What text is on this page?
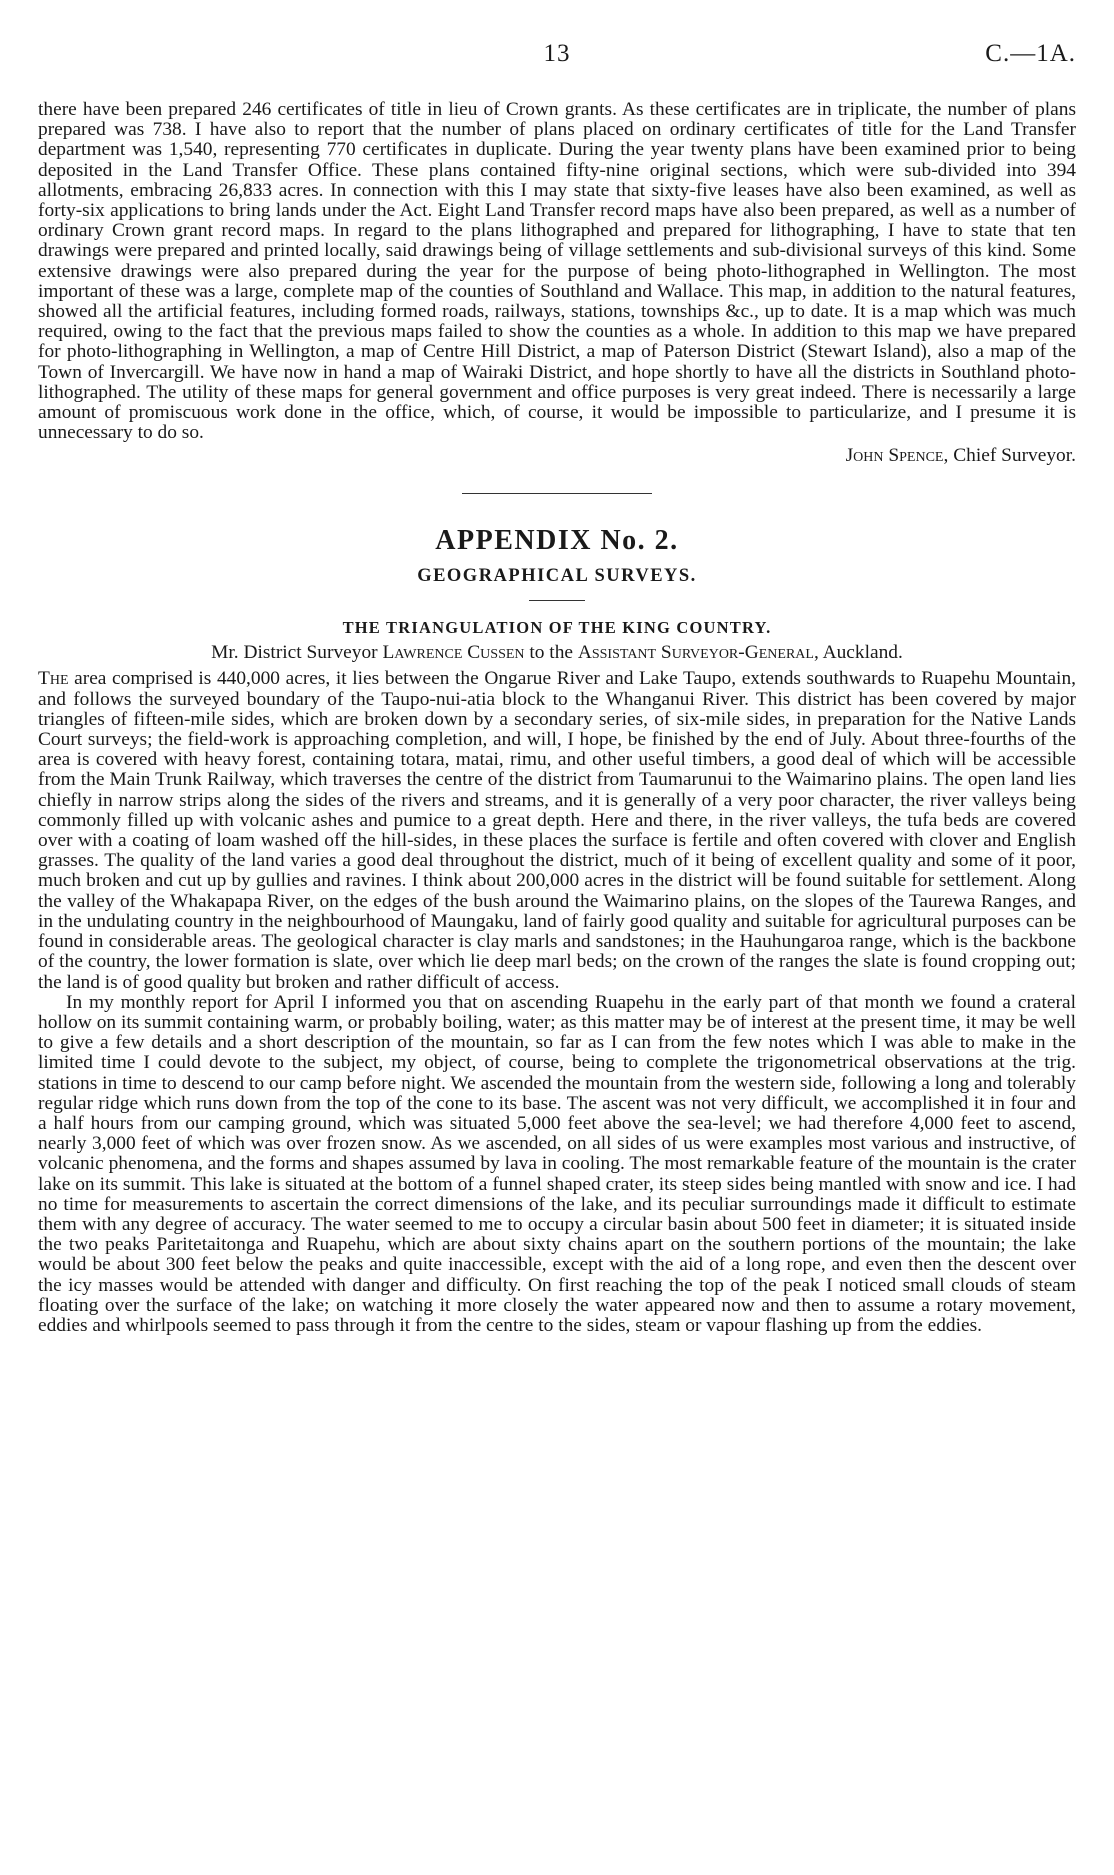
13	C.—1A.

there have been prepared 246 certificates of title in lieu of Crown grants. As these certificates are in triplicate, the number of plans prepared was 738. I have also to report that the number of plans placed on ordinary certificates of title for the Land Transfer department was 1,540, representing 770 certificates in duplicate. During the year twenty plans have been examined prior to being deposited in the Land Transfer Office. These plans contained fifty-nine original sections, which were sub-divided into 394 allotments, embracing 26,833 acres. In connection with this I may state that sixty-five leases have also been examined, as well as forty-six applications to bring lands under the Act. Eight Land Transfer record maps have also been prepared, as well as a number of ordinary Crown grant record maps. In regard to the plans lithographed and prepared for lithographing, I have to state that ten drawings were prepared and printed locally, said drawings being of village settlements and sub-divisional surveys of this kind. Some extensive drawings were also prepared during the year for the purpose of being photo-lithographed in Wellington. The most important of these was a large, complete map of the counties of Southland and Wallace. This map, in addition to the natural features, showed all the artificial features, including formed roads, railways, stations, townships &c., up to date. It is a map which was much required, owing to the fact that the previous maps failed to show the counties as a whole. In addition to this map we have prepared for photo-lithographing in Wellington, a map of Centre Hill District, a map of Paterson District (Stewart Island), also a map of the Town of Invercargill. We have now in hand a map of Wairaki District, and hope shortly to have all the districts in Southland photo-lithographed. The utility of these maps for general government and office purposes is very great indeed. There is necessarily a large amount of promiscuous work done in the office, which, of course, it would be impossible to particularize, and I presume it is unnecessary to do so.

John Spence, Chief Surveyor.

APPENDIX No. 2.
GEOGRAPHICAL SURVEYS.
THE TRIANGULATION OF THE KING COUNTRY.

Mr. District Surveyor Lawrence Cussen to the Assistant Surveyor-General, Auckland.

The area comprised is 440,000 acres, it lies between the Ongarue River and Lake Taupo, extends southwards to Ruapehu Mountain, and follows the surveyed boundary of the Taupo-nui-atia block to the Whanganui River. This district has been covered by major triangles of fifteen-mile sides, which are broken down by a secondary series, of six-mile sides, in preparation for the Native Lands Court surveys; the field-work is approaching completion, and will, I hope, be finished by the end of July. About three-fourths of the area is covered with heavy forest, containing totara, matai, rimu, and other useful timbers, a good deal of which will be accessible from the Main Trunk Railway, which traverses the centre of the district from Taumarunui to the Waimarino plains. The open land lies chiefly in narrow strips along the sides of the rivers and streams, and it is generally of a very poor character, the river valleys being commonly filled up with volcanic ashes and pumice to a great depth. Here and there, in the river valleys, the tufa beds are covered over with a coating of loam washed off the hill-sides, in these places the surface is fertile and often covered with clover and English grasses. The quality of the land varies a good deal throughout the district, much of it being of excellent quality and some of it poor, much broken and cut up by gullies and ravines. I think about 200,000 acres in the district will be found suitable for settlement. Along the valley of the Whakapapa River, on the edges of the bush around the Waimarino plains, on the slopes of the Taurewa Ranges, and in the undulating country in the neighbourhood of Maungaku, land of fairly good quality and suitable for agricultural purposes can be found in considerable areas. The geological character is clay marls and sandstones; in the Hauhungaroa range, which is the backbone of the country, the lower formation is slate, over which lie deep marl beds; on the crown of the ranges the slate is found cropping out; the land is of good quality but broken and rather difficult of access.

In my monthly report for April I informed you that on ascending Ruapehu in the early part of that month we found a crateral hollow on its summit containing warm, or probably boiling, water; as this matter may be of interest at the present time, it may be well to give a few details and a short description of the mountain, so far as I can from the few notes which I was able to make in the limited time I could devote to the subject, my object, of course, being to complete the trigonometrical observations at the trig. stations in time to descend to our camp before night. We ascended the mountain from the western side, following a long and tolerably regular ridge which runs down from the top of the cone to its base. The ascent was not very difficult, we accomplished it in four and a half hours from our camping ground, which was situated 5,000 feet above the sea-level; we had therefore 4,000 feet to ascend, nearly 3,000 feet of which was over frozen snow. As we ascended, on all sides of us were examples most various and instructive, of volcanic phenomena, and the forms and shapes assumed by lava in cooling. The most remarkable feature of the mountain is the crater lake on its summit. This lake is situated at the bottom of a funnel shaped crater, its steep sides being mantled with snow and ice. I had no time for measurements to ascertain the correct dimensions of the lake, and its peculiar surroundings made it difficult to estimate them with any degree of accuracy. The water seemed to me to occupy a circular basin about 500 feet in diameter; it is situated inside the two peaks Paritetaitonga and Ruapehu, which are about sixty chains apart on the southern portions of the mountain; the lake would be about 300 feet below the peaks and quite inaccessible, except with the aid of a long rope, and even then the descent over the icy masses would be attended with danger and difficulty. On first reaching the top of the peak I noticed small clouds of steam floating over the surface of the lake; on watching it more closely the water appeared now and then to assume a rotary movement, eddies and whirlpools seemed to pass through it from the centre to the sides, steam or vapour flashing up from the eddies.
